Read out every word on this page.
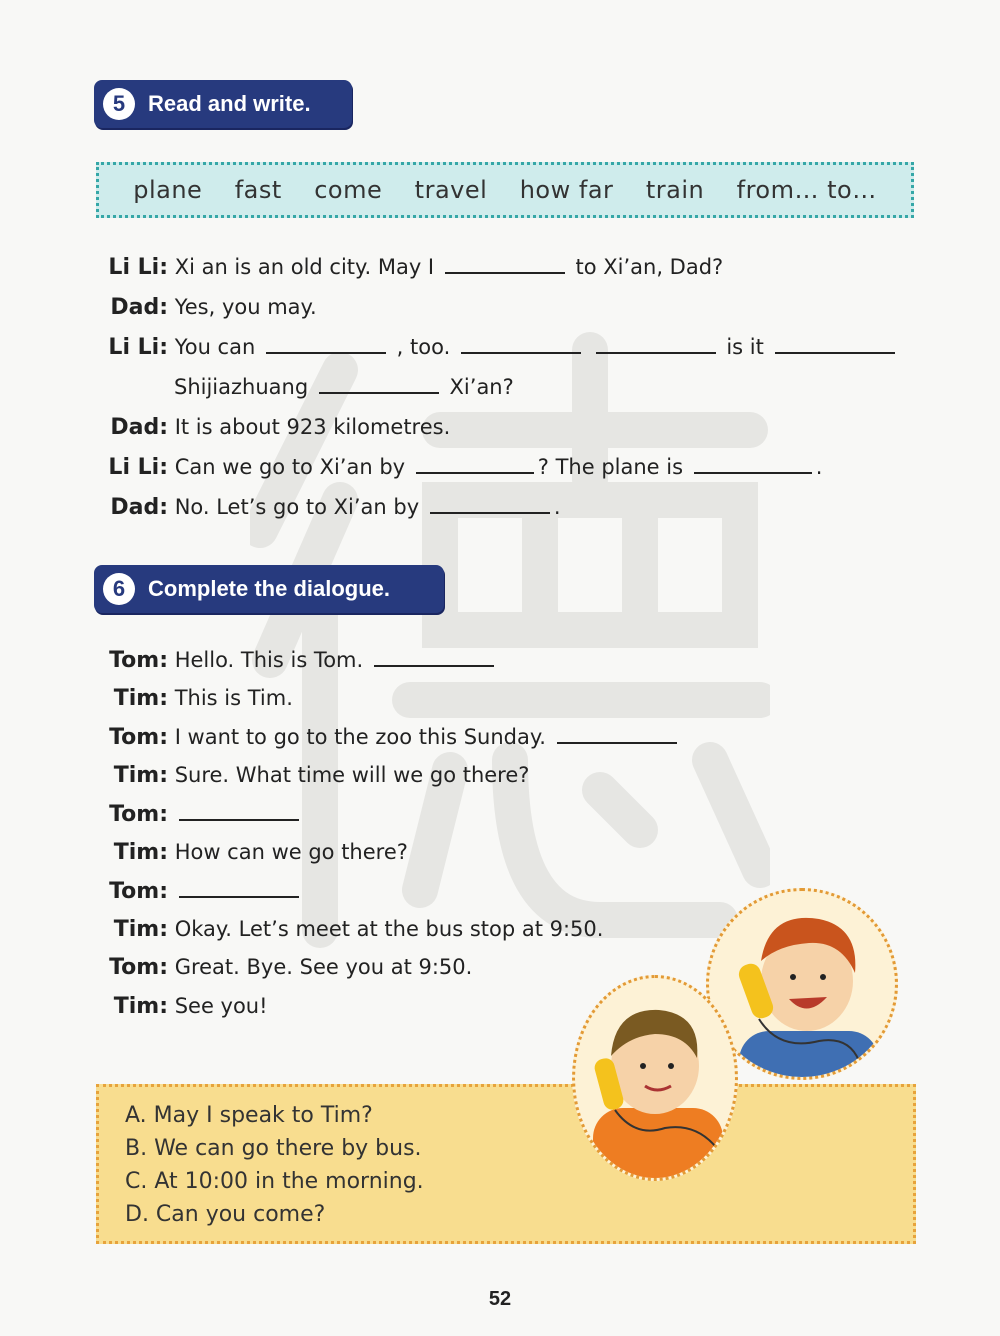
5	Read and write.
plane fast come travel how far train from… to…
Li Li: Xi an is an old city. May I	to Xi’an, Dad?
Dad: Yes, you may.
Li Li: You can	, too.	is it
Shijiazhuang	Xi’an?
Dad: It is about 923 kilometres.
Li Li: Can we go to Xi’an by	? The plane is	.
Dad: No. Let’s go to Xi’an by	.
6	Complete the dialogue.
Tom: Hello. This is Tom.
Tim: This is Tim.
Tom: I want to go to the zoo this Sunday.
Tim: Sure. What time will we go there?
Tom:
Tim: How can we go there?
Tom:
Tim: Okay. Let’s meet at the bus stop at 9:50.
Tom: Great. Bye. See you at 9:50.
Tim: See you!
A. May I speak to Tim?
B. We can go there by bus.
C. At 10:00 in the morning.
D. Can you come?
52
